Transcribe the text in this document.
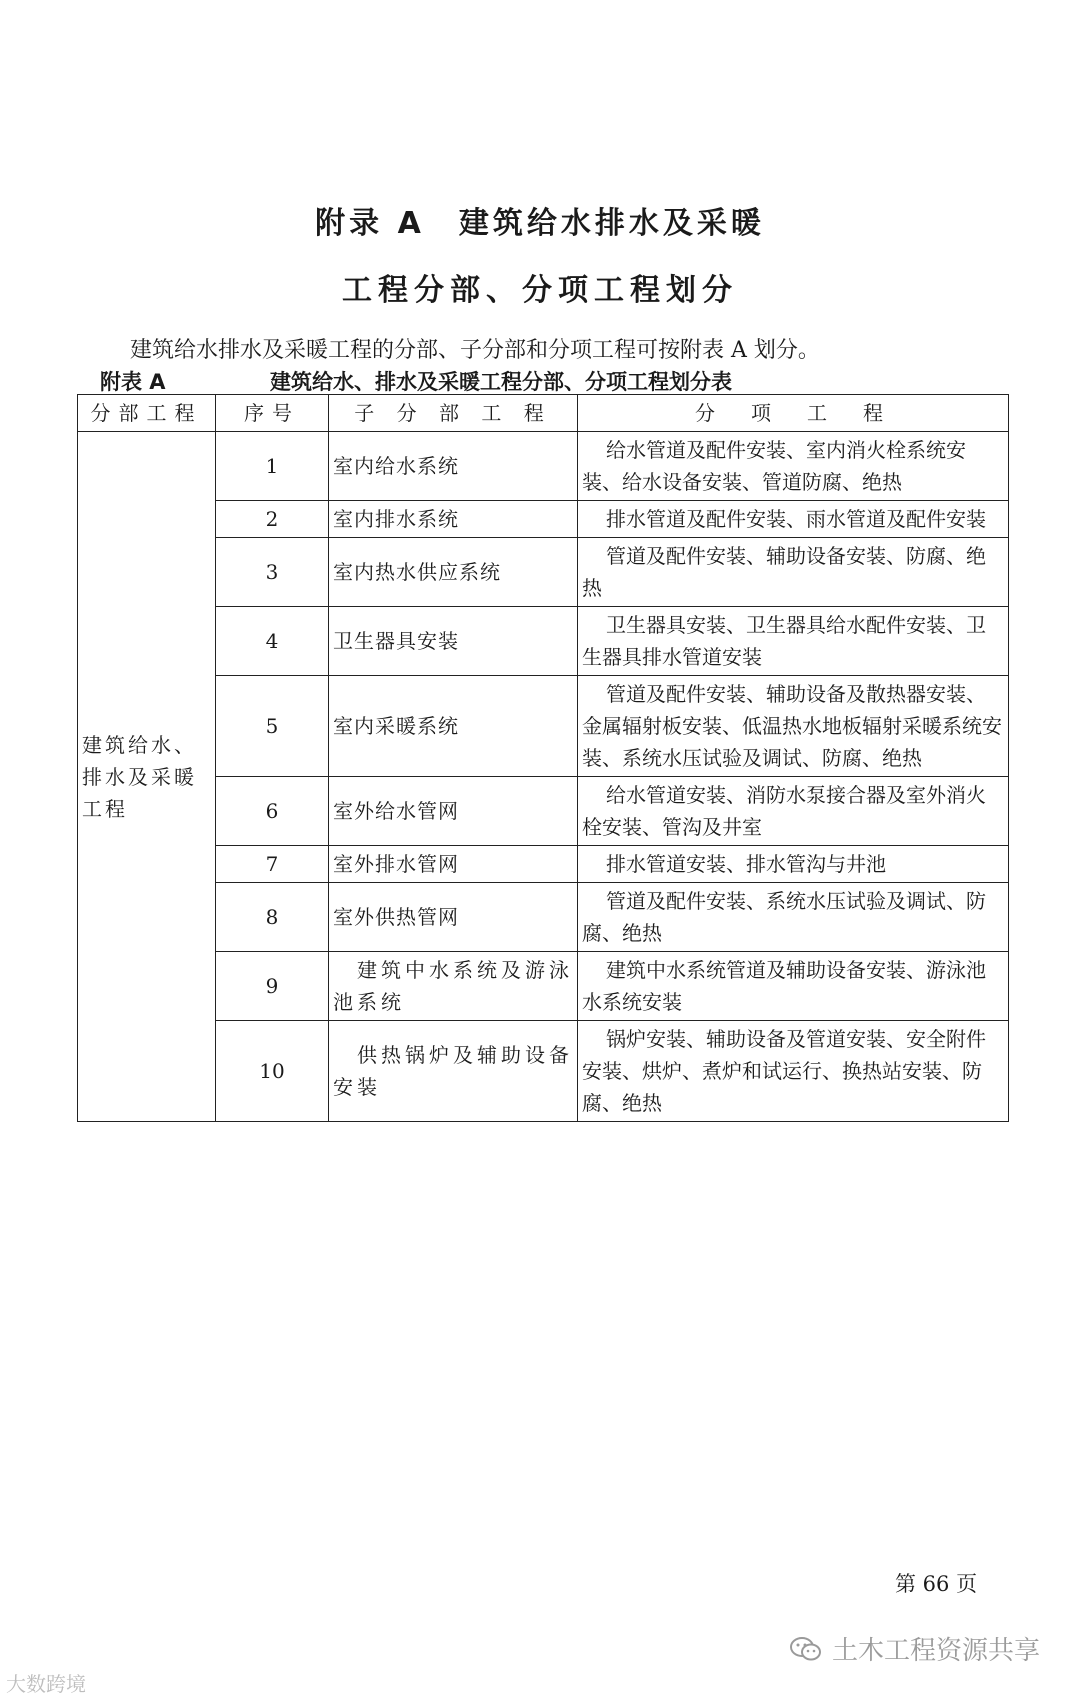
附录 A　建筑给水排水及采暖
工程分部、分项工程划分
建筑给水排水及采暖工程的分部、子分部和分项工程可按附表 A 划分。
附表 A	建筑给水、排水及采暖工程分部、分项工程划分表
分部工程	序号	子 分 部 工 程	分　项　工　程
建筑给水、排水及采暖工程	1	室内给水系统	给水管道及配件安装、室内消火栓系统安装、给水设备安装、管道防腐、绝热
	2	室内排水系统	排水管道及配件安装、雨水管道及配件安装
	3	室内热水供应系统	管道及配件安装、辅助设备安装、防腐、绝热
	4	卫生器具安装	卫生器具安装、卫生器具给水配件安装、卫生器具排水管道安装
	5	室内采暖系统	管道及配件安装、辅助设备及散热器安装、金属辐射板安装、低温热水地板辐射采暖系统安装、系统水压试验及调试、防腐、绝热
	6	室外给水管网	给水管道安装、消防水泵接合器及室外消火栓安装、管沟及井室
	7	室外排水管网	排水管道安装、排水管沟与井池
	8	室外供热管网	管道及配件安装、系统水压试验及调试、防腐、绝热
	9	建筑中水系统及游泳池系统	建筑中水系统管道及辅助设备安装、游泳池水系统安装
	10	供热锅炉及辅助设备安装	锅炉安装、辅助设备及管道安装、安全附件安装、烘炉、煮炉和试运行、换热站安装、防腐、绝热
第 66 页
大数跨境
土木工程资源共享
